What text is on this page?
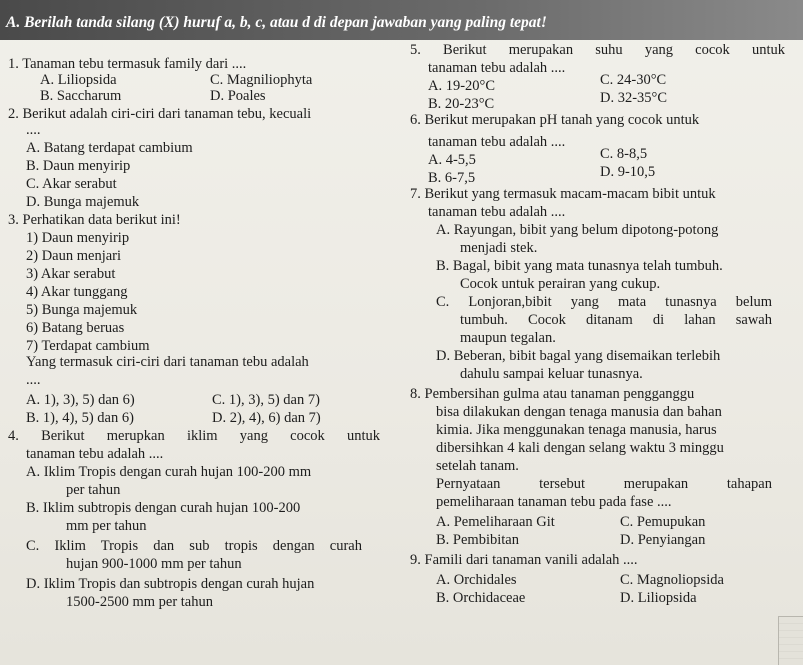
A. Berilah tanda silang (X) huruf a, b, c, atau d di depan jawaban yang paling tepat!
1. Tanaman tebu termasuk family dari ....
A. Liliopsida	C. Magniliophyta
B. Saccharum	D. Poales
2. Berikut adalah ciri-ciri dari tanaman tebu, kecuali
....
A. Batang terdapat cambium
B. Daun menyirip
C. Akar serabut
D. Bunga majemuk
3. Perhatikan data berikut ini!
1) Daun menyirip
2) Daun menjari
3) Akar serabut
4) Akar tunggang
5) Bunga majemuk
6) Batang beruas
7) Terdapat cambium
Yang termasuk ciri-ciri dari tanaman tebu adalah
....
A. 1), 3), 5) dan 6)	C. 1), 3), 5) dan 7)
B. 1), 4), 5) dan 6)	D. 2), 4), 6) dan 7)
4. Berikut merupkan iklim yang cocok untuk
tanaman tebu adalah ....
A. Iklim Tropis dengan curah hujan 100-200 mm
per tahun
B. Iklim subtropis dengan curah hujan 100-200
mm per tahun
C. Iklim Tropis dan sub tropis dengan curah
hujan 900-1000 mm per tahun
D. Iklim Tropis dan subtropis dengan curah hujan
1500-2500 mm per tahun
5. Berikut merupakan suhu yang cocok untuk
tanaman tebu adalah ....
A. 19-20°C	C. 24-30°C
B. 20-23°C	D. 32-35°C
6. Berikut merupakan pH tanah yang cocok untuk
tanaman tebu adalah ....
A. 4-5,5	C. 8-8,5
B. 6-7,5	D. 9-10,5
7. Berikut yang termasuk macam-macam bibit untuk
tanaman tebu adalah ....
A. Rayungan, bibit yang belum dipotong-potong
menjadi stek.
B. Bagal, bibit yang mata tunasnya telah tumbuh.
Cocok untuk perairan yang cukup.
C. Lonjoran,bibit yang mata tunasnya belum
tumbuh. Cocok ditanam di lahan sawah
maupun tegalan.
D. Beberan, bibit bagal yang disemaikan terlebih
dahulu sampai keluar tunasnya.
8. Pembersihan gulma atau tanaman pengganggu
bisa dilakukan dengan tenaga manusia dan bahan
kimia. Jika menggunakan tenaga manusia, harus
dibersihkan 4 kali dengan selang waktu 3 minggu
setelah tanam.
Pernyataan tersebut merupakan tahapan
pemeliharaan tanaman tebu pada fase ....
A. Pemeliharaan Git	C. Pemupukan
B. Pembibitan	D. Penyiangan
9. Famili dari tanaman vanili adalah ....
A. Orchidales	C. Magnoliopsida
B. Orchidaceae	D. Liliopsida
